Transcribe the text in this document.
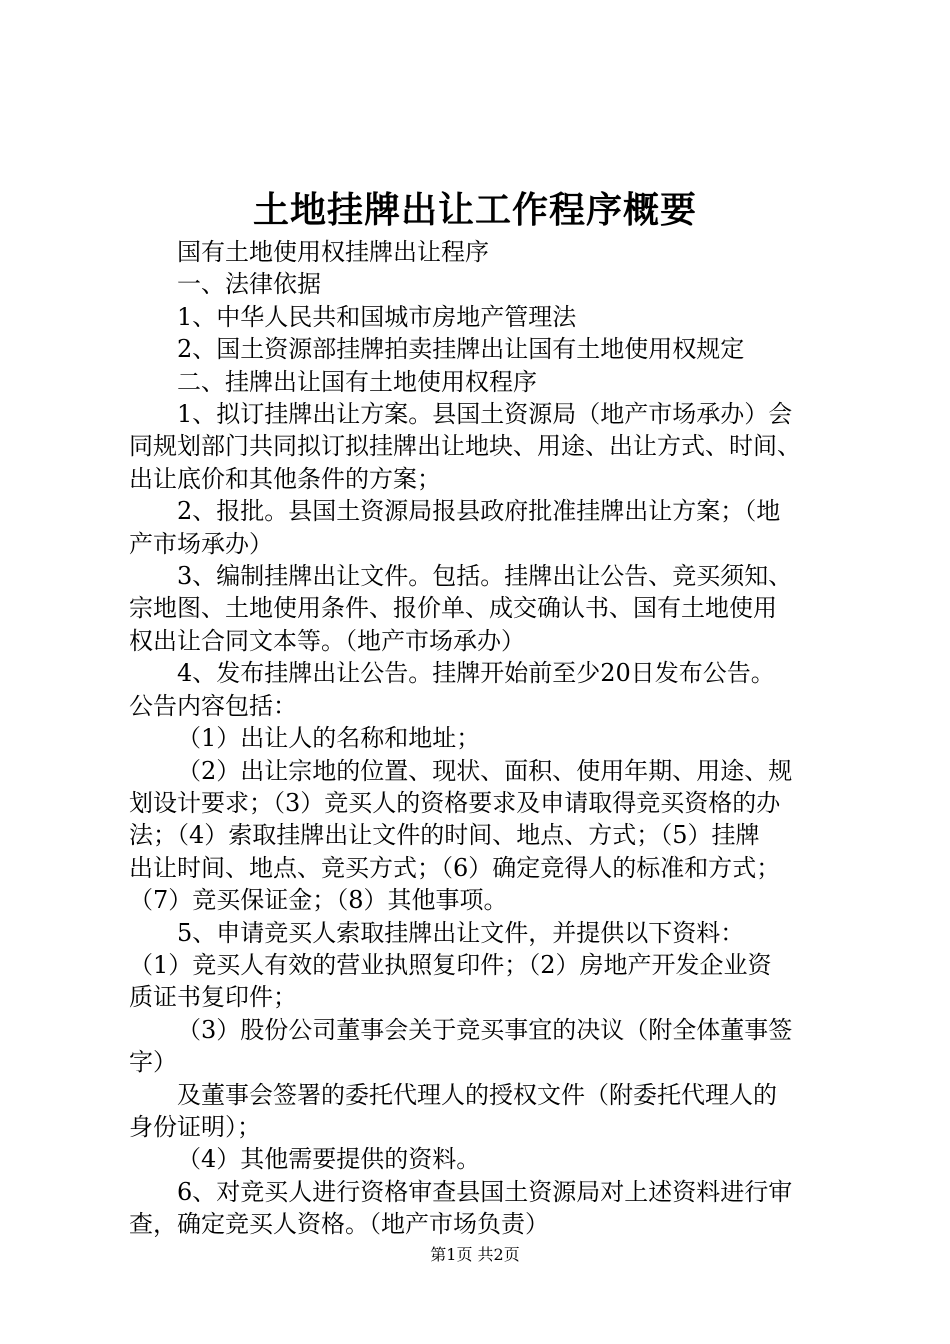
土地挂牌出让工作程序概要

国有土地使用权挂牌出让程序

一、法律依据

1、中华人民共和国城市房地产管理法

2、国土资源部挂牌拍卖挂牌出让国有土地使用权规定

二、挂牌出让国有土地使用权程序

1、拟订挂牌出让方案。县国土资源局（地产市场承办）会

同规划部门共同拟订拟挂牌出让地块、用途、出让方式、时间、

出让底价和其他条件的方案；

2、报批。县国土资源局报县政府批准挂牌出让方案；（地

产市场承办）

3、编制挂牌出让文件。包括。挂牌出让公告、竞买须知、

宗地图、土地使用条件、报价单、成交确认书、国有土地使用

权出让合同文本等。（地产市场承办）

4、发布挂牌出让公告。挂牌开始前至少20日发布公告。

公告内容包括：

（1）出让人的名称和地址；

（2）出让宗地的位置、现状、面积、使用年期、用途、规

划设计要求；（3）竞买人的资格要求及申请取得竞买资格的办

法；（4）索取挂牌出让文件的时间、地点、方式；（5）挂牌

出让时间、地点、竞买方式；（6）确定竞得人的标准和方式；

（7）竞买保证金；（8）其他事项。

5、申请竞买人索取挂牌出让文件，并提供以下资料：

（1）竞买人有效的营业执照复印件；（2）房地产开发企业资

质证书复印件；

（3）股份公司董事会关于竞买事宜的决议（附全体董事签

字）

及董事会签署的委托代理人的授权文件（附委托代理人的

身份证明）；

（4）其他需要提供的资料。

6、对竞买人进行资格审查县国土资源局对上述资料进行审

查，确定竞买人资格。（地产市场负责）

第1页 共2页
